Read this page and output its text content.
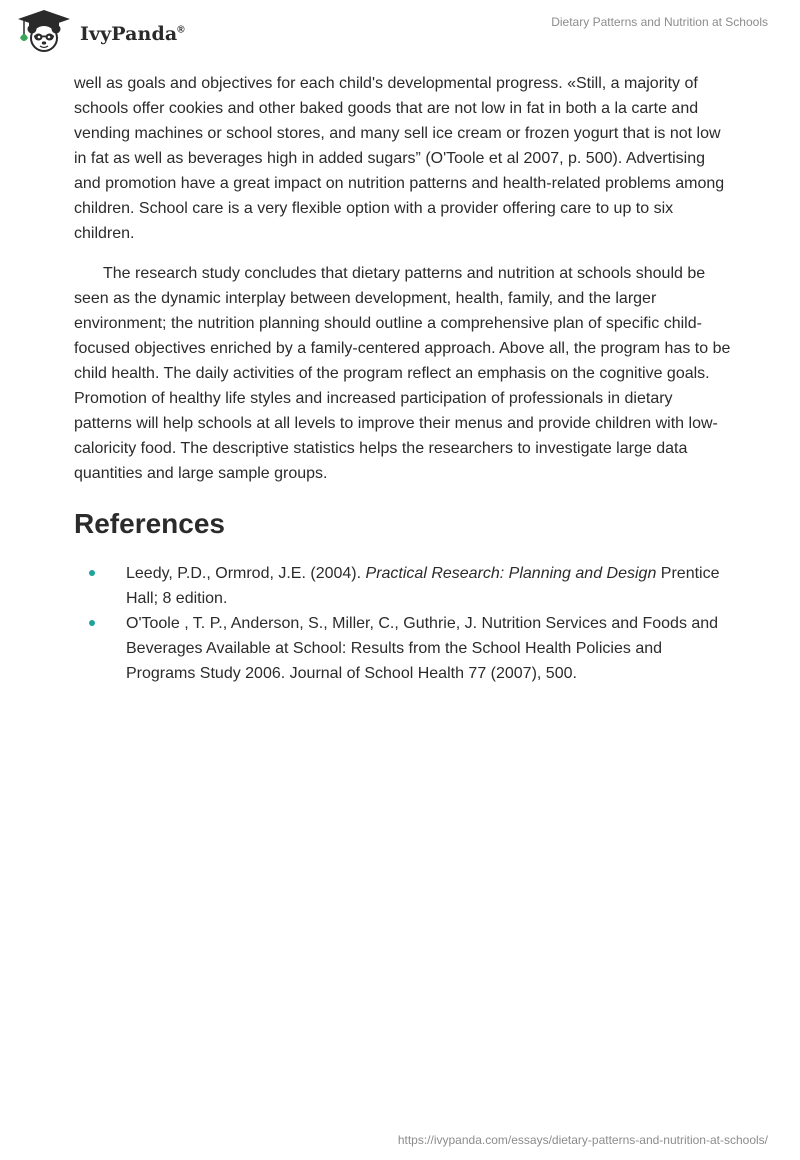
IvyPanda®
Dietary Patterns and Nutrition at Schools

well as goals and objectives for each child's developmental progress. «Still, a majority of schools offer cookies and other baked goods that are not low in fat in both a la carte and vending machines or school stores, and many sell ice cream or frozen yogurt that is not low in fat as well as beverages high in added sugars” (O'Toole et al 2007, p. 500). Advertising and promotion have a great impact on nutrition patterns and health-related problems among children. School care is a very flexible option with a provider offering care to up to six children.

The research study concludes that dietary patterns and nutrition at schools should be seen as the dynamic interplay between development, health, family, and the larger environment; the nutrition planning should outline a comprehensive plan of specific child-focused objectives enriched by a family-centered approach. Above all, the program has to be child health. The daily activities of the program reflect an emphasis on the cognitive goals. Promotion of healthy life styles and increased participation of professionals in dietary patterns will help schools at all levels to improve their menus and provide children with low-caloricity food. The descriptive statistics helps the researchers to investigate large data quantities and large sample groups.

References
Leedy, P.D., Ormrod, J.E. (2004). Practical Research: Planning and Design Prentice Hall; 8 edition.
O'Toole , T. P., Anderson, S., Miller, C., Guthrie, J. Nutrition Services and Foods and Beverages Available at School: Results from the School Health Policies and Programs Study 2006. Journal of School Health 77 (2007), 500.
https://ivypanda.com/essays/dietary-patterns-and-nutrition-at-schools/
